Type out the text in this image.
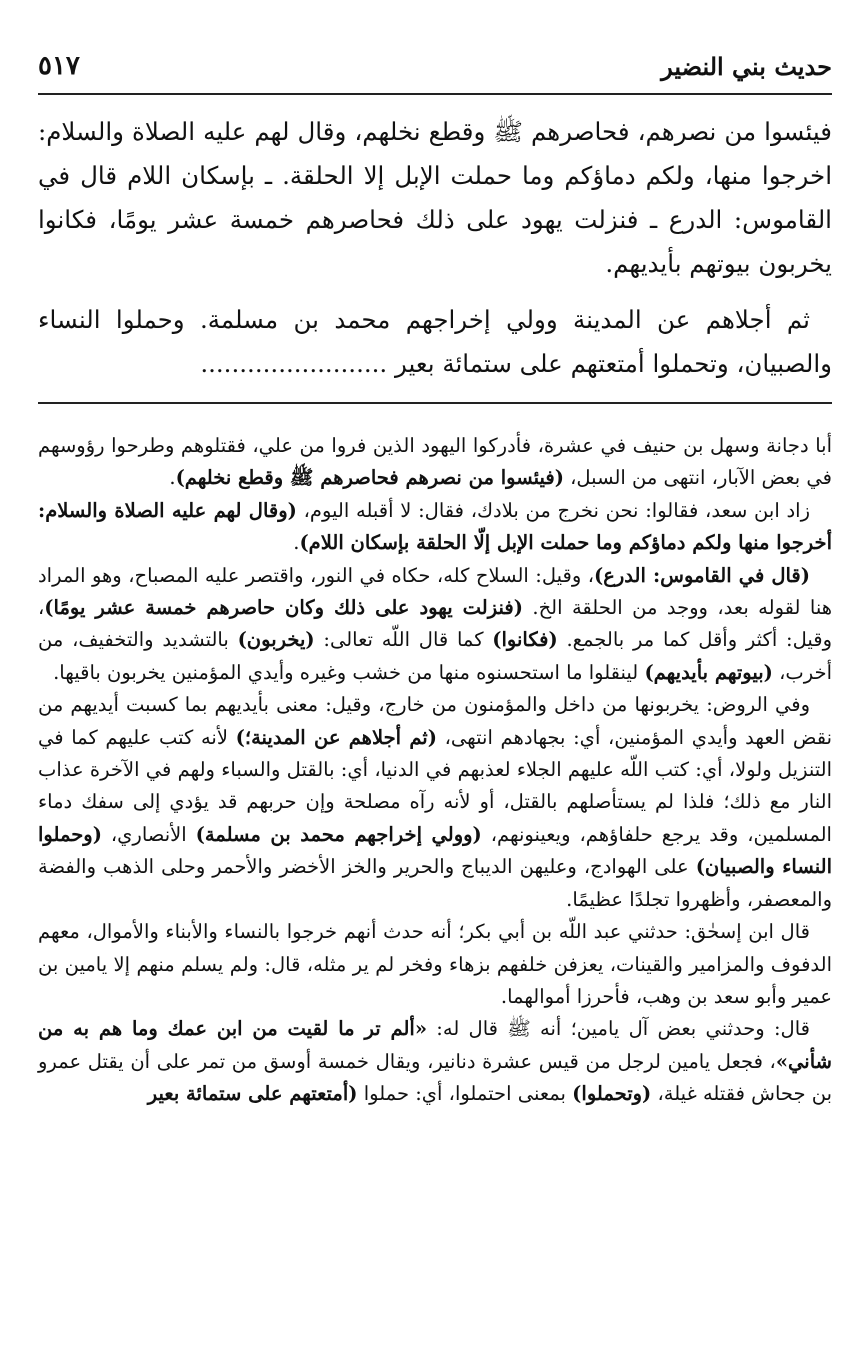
حديث بني النضير
٥١٧

فيئسوا من نصرهم، فحاصرهم ﷺ وقطع نخلهم، وقال لهم عليه الصلاة والسلام: اخرجوا منها، ولكم دماؤكم وما حملت الإبل إلا الحلقة. ـ بإسكان اللام قال في القاموس: الدرع ـ فنزلت يهود على ذلك فحاصرهم خمسة عشر يومًا، فكانوا يخربون بيوتهم بأيديهم.

ثم أجلاهم عن المدينة وولي إخراجهم محمد بن مسلمة. وحملوا النساء والصبيان، وتحملوا أمتعتهم على ستمائة بعير ........................

أبا دجانة وسهل بن حنيف في عشرة، فأدركوا اليهود الذين فروا من علي، فقتلوهم وطرحوا رؤوسهم في بعض الآبار، انتهى من السبل، (فيئسوا من نصرهم فحاصرهم ﷺ وقطع نخلهم).

زاد ابن سعد، فقالوا: نحن نخرج من بلادك، فقال: لا أقبله اليوم، (وقال لهم عليه الصلاة والسلام: أخرجوا منها ولكم دماؤكم وما حملت الإبل إلّا الحلقة بإسكان اللام).

(قال في القاموس: الدرع)، وقيل: السلاح كله، حكاه في النور، واقتصر عليه المصباح، وهو المراد هنا لقوله بعد، ووجد من الحلقة الخ. (فنزلت يهود على ذلك وكان حاصرهم خمسة عشر يومًا)، وقيل: أكثر وأقل كما مر بالجمع. (فكانوا) كما قال اللّه تعالى: (يخربون) بالتشديد والتخفيف، من أخرب، (بيوتهم بأيديهم) لينقلوا ما استحسنوه منها من خشب وغيره وأيدي المؤمنين يخربون باقيها.

وفي الروض: يخربونها من داخل والمؤمنون من خارج، وقيل: معنى بأيديهم بما كسبت أيديهم من نقض العهد وأيدي المؤمنين، أي: بجهادهم انتهى، (ثم أجلاهم عن المدينة؛) لأنه كتب عليهم كما في التنزيل ولولا، أي: كتب اللّه عليهم الجلاء لعذبهم في الدنيا، أي: بالقتل والسباء ولهم في الآخرة عذاب النار مع ذلك؛ فلذا لم يستأصلهم بالقتل، أو لأنه رآه مصلحة وإن حربهم قد يؤدي إلى سفك دماء المسلمين، وقد يرجع حلفاؤهم، ويعينونهم، (وولي إخراجهم محمد بن مسلمة) الأنصاري، (وحملوا النساء والصبيان) على الهوادج، وعليهن الديباج والحرير والخز الأخضر والأحمر وحلى الذهب والفضة والمعصفر، وأظهروا تجلدًا عظيمًا.

قال ابن إسحٰق: حدثني عبد اللّه بن أبي بكر؛ أنه حدث أنهم خرجوا بالنساء والأبناء والأموال، معهم الدفوف والمزامير والقينات، يعزفن خلفهم بزهاء وفخر لم ير مثله، قال: ولم يسلم منهم إلا يامين بن عمير وأبو سعد بن وهب، فأحرزا أموالهما.

قال: وحدثني بعض آل يامين؛ أنه ﷺ قال له: «ألم تر ما لقيت من ابن عمك وما هم به من شأني»، فجعل يامين لرجل من قيس عشرة دنانير، ويقال خمسة أوسق من تمر على أن يقتل عمرو بن جحاش فقتله غيلة، (وتحملوا) بمعنى احتملوا، أي: حملوا (أمتعتهم على ستمائة بعير
